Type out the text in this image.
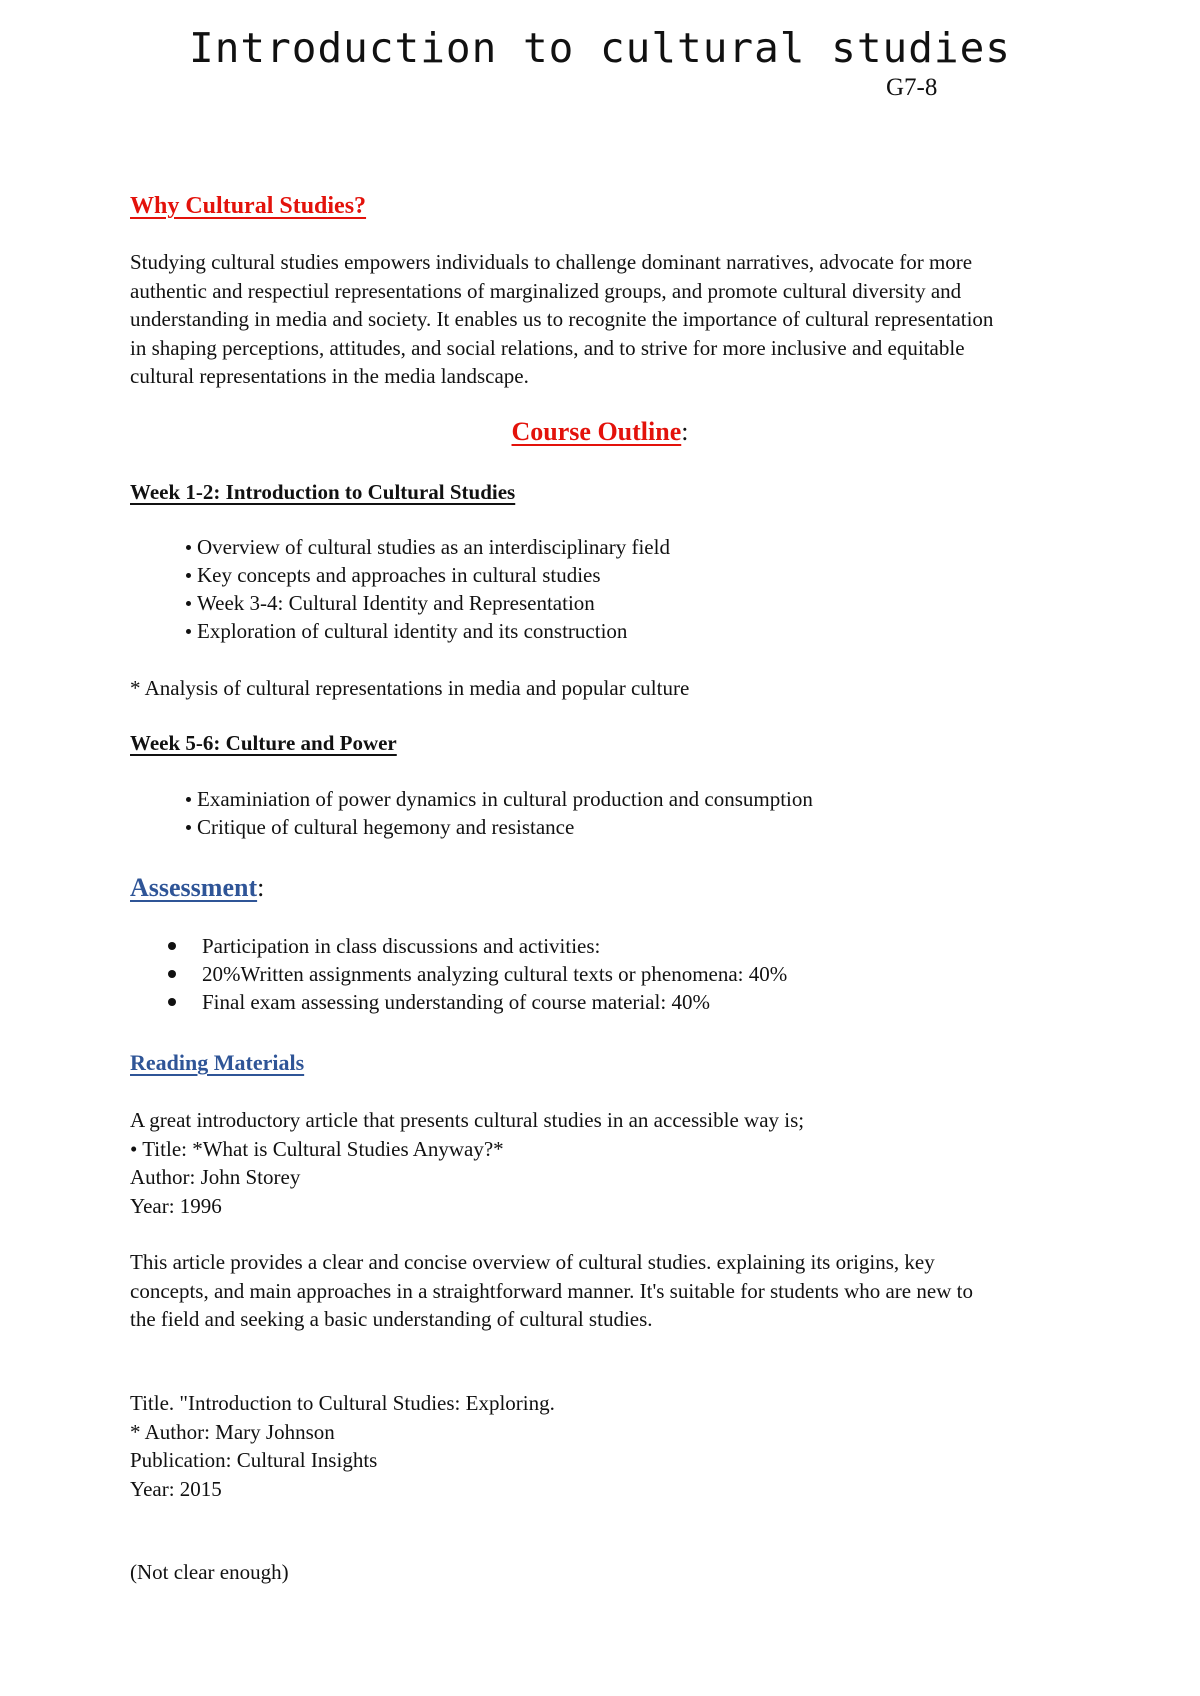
Introduction to cultural studies
G7-8
Why Cultural Studies?
Studying cultural studies empowers individuals to challenge dominant narratives, advocate for more
authentic and respectiul representations of marginalized groups, and promote cultural diversity and
understanding in media and society. It enables us to recognite the importance of cultural representation
in shaping perceptions, attitudes, and social relations, and to strive for more inclusive and equitable
cultural representations in the media landscape.
Course Outline:
Week 1-2: Introduction to Cultural Studies
Overview of cultural studies as an interdisciplinary field
Key concepts and approaches in cultural studies
Week 3-4: Cultural Identity and Representation
Exploration of cultural identity and its construction
* Analysis of cultural representations in media and popular culture
Week 5-6: Culture and Power
Examiniation of power dynamics in cultural production and consumption
Critique of cultural hegemony and resistance
Assessment:
Participation in class discussions and activities:
20%Written assignments analyzing cultural texts or phenomena: 40%
Final exam assessing understanding of course material: 40%
Reading Materials
A great introductory article that presents cultural studies in an accessible way is;
• Title: *What is Cultural Studies Anyway?*
Author: John Storey
Year: 1996
This article provides a clear and concise overview of cultural studies. explaining its origins, key
concepts, and main approaches in a straightforward manner. It's suitable for students who are new to
the field and seeking a basic understanding of cultural studies.
Title. "Introduction to Cultural Studies: Exploring.
* Author: Mary Johnson
Publication: Cultural Insights
Year: 2015
(Not clear enough)
